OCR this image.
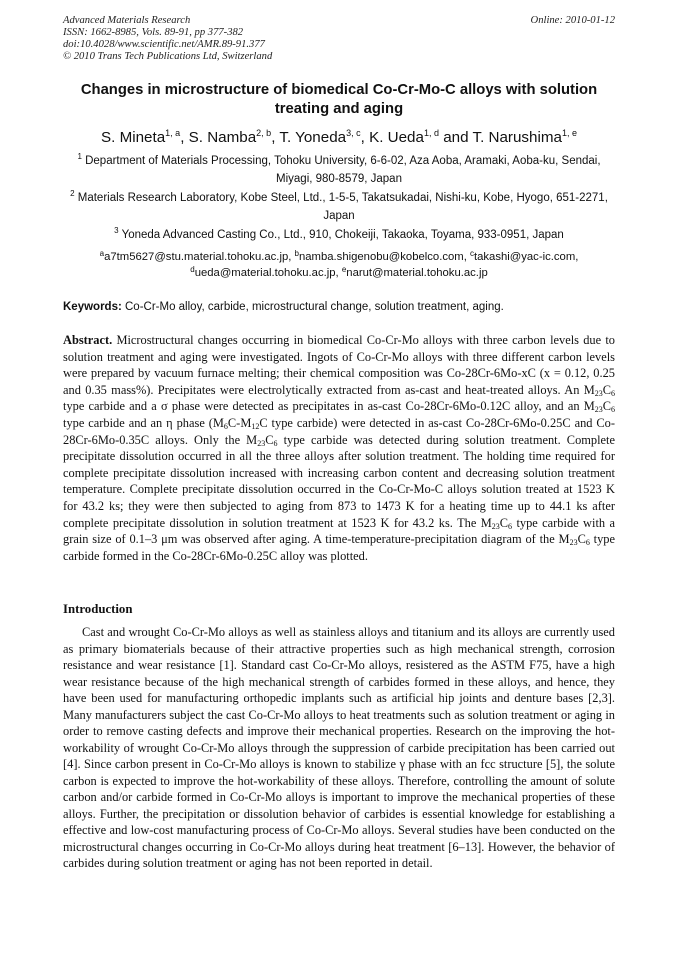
Advanced Materials Research
ISSN: 1662-8985, Vols. 89-91, pp 377-382
doi:10.4028/www.scientific.net/AMR.89-91.377
© 2010 Trans Tech Publications Ltd, Switzerland
Online: 2010-01-12
Changes in microstructure of biomedical Co-Cr-Mo-C alloys with solution treating and aging
S. Mineta$^{1, a}$, S. Namba$^{2, b}$, T. Yoneda$^{3, c}$, K. Ueda$^{1, d}$ and T. Narushima$^{1, e}$
$^1$ Department of Materials Processing, Tohoku University, 6-6-02, Aza Aoba, Aramaki, Aoba-ku, Sendai, Miyagi, 980-8579, Japan
$^2$ Materials Research Laboratory, Kobe Steel, Ltd., 1-5-5, Takatsukadai, Nishi-ku, Kobe, Hyogo, 651-2271, Japan
$^3$ Yoneda Advanced Casting Co., Ltd., 910, Chokeiji, Takaoka, Toyama, 933-0951, Japan
$^a$a7tm5627@stu.material.tohoku.ac.jp, $^b$namba.shigenobu@kobelco.com, $^c$takashi@yac-ic.com,
$^d$ueda@material.tohoku.ac.jp, $^e$narut@material.tohoku.ac.jp
Keywords: Co-Cr-Mo alloy, carbide, microstructural change, solution treatment, aging.
Abstract. Microstructural changes occurring in biomedical Co-Cr-Mo alloys with three carbon levels due to solution treatment and aging were investigated. Ingots of Co-Cr-Mo alloys with three different carbon levels were prepared by vacuum furnace melting; their chemical composition was Co-28Cr-6Mo-xC (x = 0.12, 0.25 and 0.35 mass%). Precipitates were electrolytically extracted from as-cast and heat-treated alloys. An $M_{23}C_6$ type carbide and a σ phase were detected as precipitates in as-cast Co-28Cr-6Mo-0.12C alloy, and an $M_{23}C_6$ type carbide and an η phase ($M_6C-M_{12}C$ type carbide) were detected in as-cast Co-28Cr-6Mo-0.25C and Co-28Cr-6Mo-0.35C alloys. Only the $M_{23}C_6$ type carbide was detected during solution treatment. Complete precipitate dissolution occurred in all the three alloys after solution treatment. The holding time required for complete precipitate dissolution increased with increasing carbon content and decreasing solution treatment temperature. Complete precipitate dissolution occurred in the Co-Cr-Mo-C alloys solution treated at 1523 K for 43.2 ks; they were then subjected to aging from 873 to 1473 K for a heating time up to 44.1 ks after complete precipitate dissolution in solution treatment at 1523 K for 43.2 ks. The $M_{23}C_6$ type carbide with a grain size of 0.1–3 μm was observed after aging. A time-temperature-precipitation diagram of the $M_{23}C_6$ type carbide formed in the Co-28Cr-6Mo-0.25C alloy was plotted.
Introduction

Cast and wrought Co-Cr-Mo alloys as well as stainless alloys and titanium and its alloys are currently used as primary biomaterials because of their attractive properties such as high mechanical strength, corrosion resistance and wear resistance [1]. Standard cast Co-Cr-Mo alloys, resistered as the ASTM F75, have a high wear resistance because of the high mechanical strength of carbides formed in these alloys, and hence, they have been used for manufacturing orthopedic implants such as artificial hip joints and denture bases [2,3]. Many manufacturers subject the cast Co-Cr-Mo alloys to heat treatments such as solution treatment or aging in order to remove casting defects and improve their mechanical properties. Research on the improving the hot-workability of wrought Co-Cr-Mo alloys through the suppression of carbide precipitation has been carried out [4]. Since carbon present in Co-Cr-Mo alloys is known to stabilize γ phase with an fcc structure [5], the solute carbon is expected to improve the hot-workability of these alloys. Therefore, controlling the amount of solute carbon and/or carbide formed in Co-Cr-Mo alloys is important to improve the mechanical properties of these alloys. Further, the precipitation or dissolution behavior of carbides is essential knowledge for establishing a effective and low-cost manufacturing process of Co-Cr-Mo alloys. Several studies have been conducted on the microstructural changes occurring in Co-Cr-Mo alloys during heat treatment [6–13]. However, the behavior of carbides during solution treatment or aging has not been reported in detail.
